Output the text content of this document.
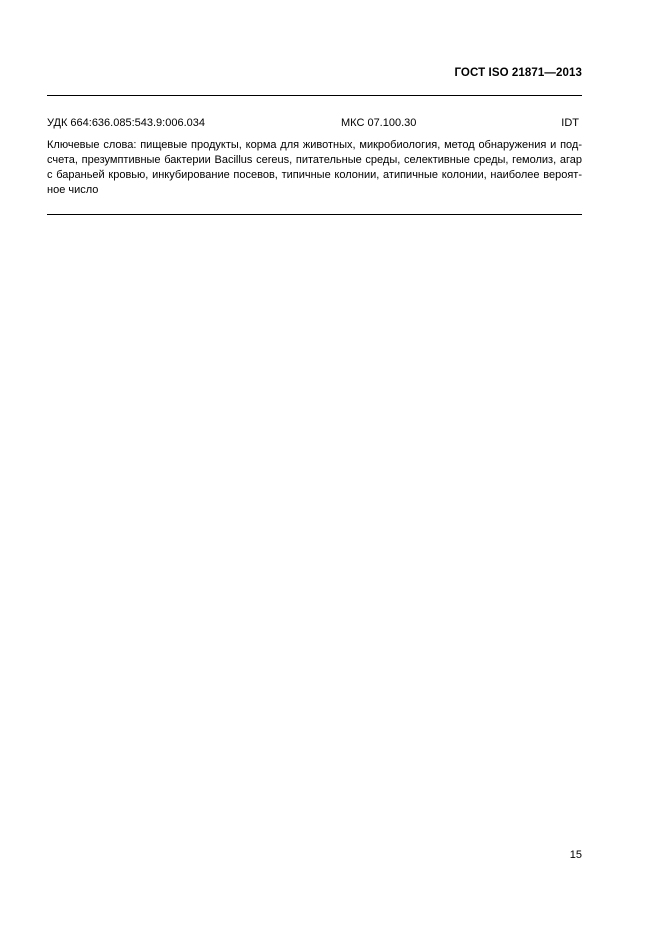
ГОСТ ISO 21871—2013
УДК 664:636.085:543.9:006.034	МКС 07.100.30	IDT
Ключевые слова: пищевые продукты, корма для животных, микробиология, метод обнаружения и под-
счета, презумптивные бактерии Bacillus cereus, питательные среды, селективные среды, гемолиз, агар
с бараньей кровью, инкубирование посевов, типичные колонии, атипичные колонии, наиболее вероят-
ное число
15
